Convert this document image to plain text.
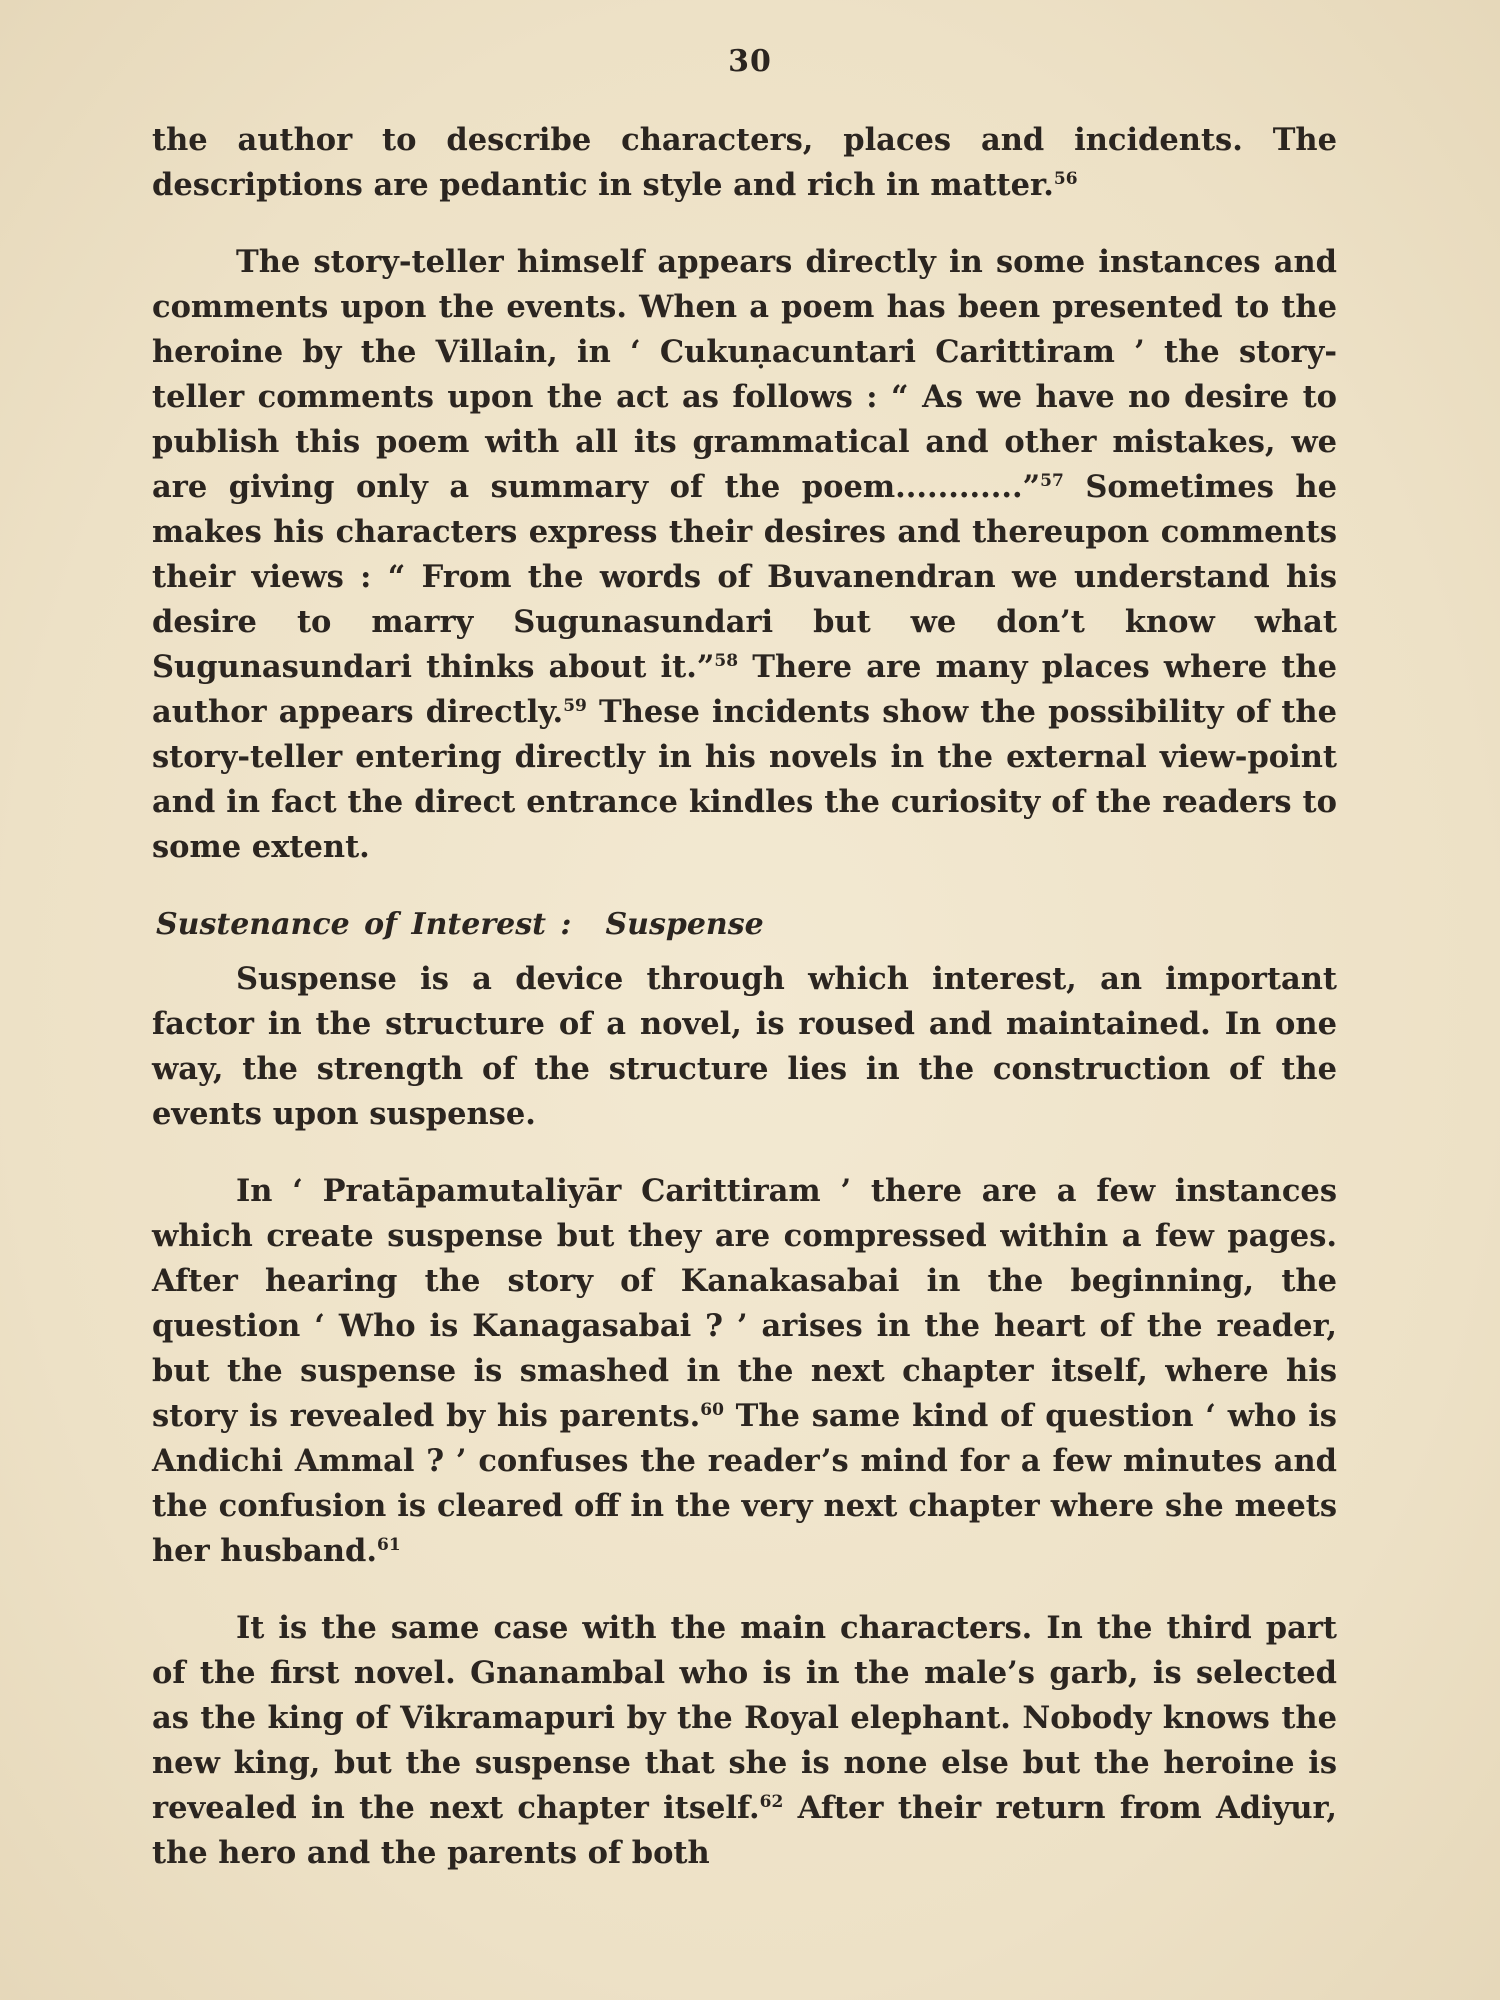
30

the author to describe characters, places and incidents. The descriptions are pedantic in style and rich in matter.$^{56}$

The story-teller himself appears directly in some instances and comments upon the events. When a poem has been presented to the heroine by the Villain, in ‘ Cukuṇacuntari Carittiram ’ the story-teller comments upon the act as follows : “ As we have no desire to publish this poem with all its grammatical and other mistakes, we are giving only a summary of the poem............”$^{57}$ Sometimes he makes his characters express their desires and thereupon comments their views : “ From the words of Buvanendran we understand his desire to marry Sugunasundari but we don’t know what Sugunasundari thinks about it.”$^{58}$ There are many places where the author appears directly.$^{59}$ These incidents show the possibility of the story-teller entering directly in his novels in the external view-point and in fact the direct entrance kindles the curiosity of the readers to some extent.

Sustenance of Interest : Suspense

Suspense is a device through which interest, an important factor in the structure of a novel, is roused and maintained. In one way, the strength of the structure lies in the construction of the events upon suspense.

In ‘ Pratāpamutaliyār Carittiram ’ there are a few instances which create suspense but they are compressed within a few pages. After hearing the story of Kanakasabai in the beginning, the question ‘ Who is Kanagasabai ? ’ arises in the heart of the reader, but the suspense is smashed in the next chapter itself, where his story is revealed by his parents.$^{60}$ The same kind of question ‘ who is Andichi Ammal ? ’ confuses the reader’s mind for a few minutes and the confusion is cleared off in the very next chapter where she meets her husband.$^{61}$

It is the same case with the main characters. In the third part of the first novel. Gnanambal who is in the male’s garb, is selected as the king of Vikramapuri by the Royal elephant. Nobody knows the new king, but the suspense that she is none else but the heroine is revealed in the next chapter itself.$^{62}$ After their return from Adiyur, the hero and the parents of both
